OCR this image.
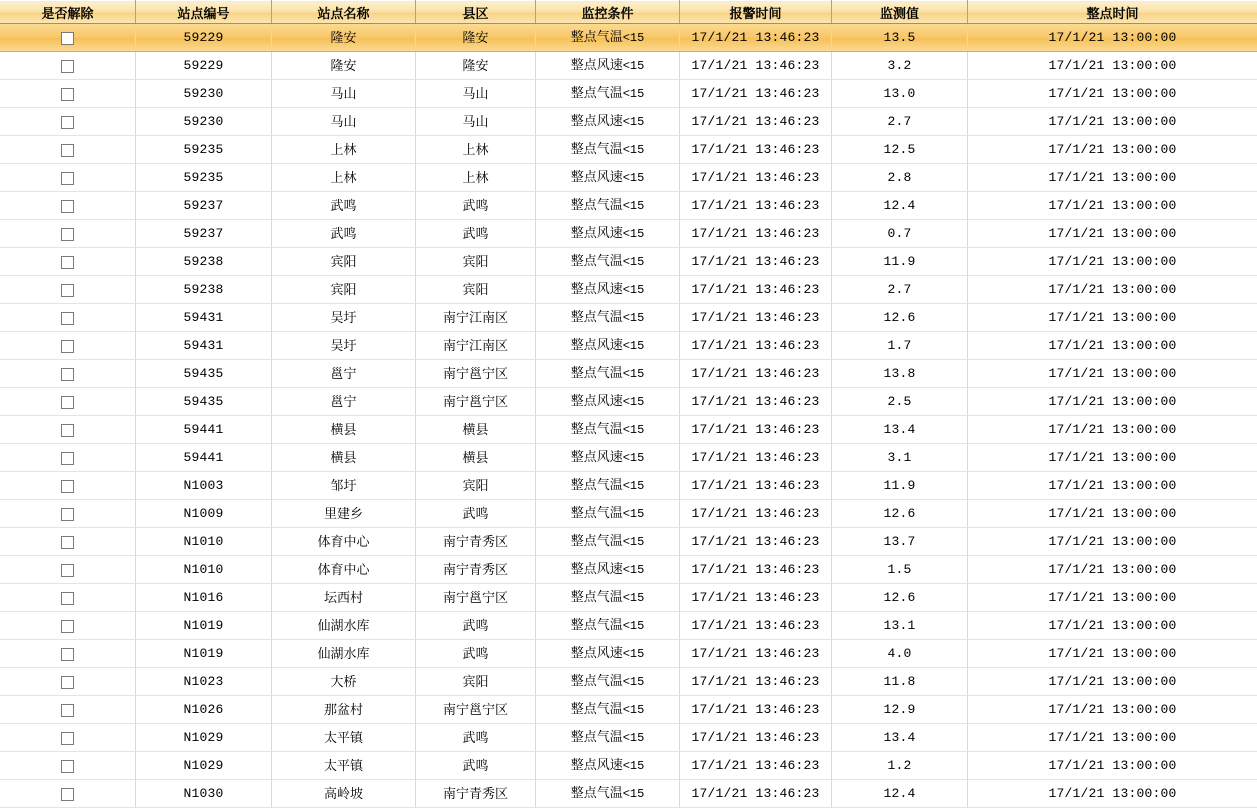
是否解除	站点编号	站点名称	县区	监控条件	报警时间	监测值	整点时间
	59229	隆安	隆安	整点气温<15	17/1/21 13:46:23	13.5	17/1/21 13:00:00
	59229	隆安	隆安	整点风速<15	17/1/21 13:46:23	3.2	17/1/21 13:00:00
	59230	马山	马山	整点气温<15	17/1/21 13:46:23	13.0	17/1/21 13:00:00
	59230	马山	马山	整点风速<15	17/1/21 13:46:23	2.7	17/1/21 13:00:00
	59235	上林	上林	整点气温<15	17/1/21 13:46:23	12.5	17/1/21 13:00:00
	59235	上林	上林	整点风速<15	17/1/21 13:46:23	2.8	17/1/21 13:00:00
	59237	武鸣	武鸣	整点气温<15	17/1/21 13:46:23	12.4	17/1/21 13:00:00
	59237	武鸣	武鸣	整点风速<15	17/1/21 13:46:23	0.7	17/1/21 13:00:00
	59238	宾阳	宾阳	整点气温<15	17/1/21 13:46:23	11.9	17/1/21 13:00:00
	59238	宾阳	宾阳	整点风速<15	17/1/21 13:46:23	2.7	17/1/21 13:00:00
	59431	吴圩	南宁江南区	整点气温<15	17/1/21 13:46:23	12.6	17/1/21 13:00:00
	59431	吴圩	南宁江南区	整点风速<15	17/1/21 13:46:23	1.7	17/1/21 13:00:00
	59435	邕宁	南宁邕宁区	整点气温<15	17/1/21 13:46:23	13.8	17/1/21 13:00:00
	59435	邕宁	南宁邕宁区	整点风速<15	17/1/21 13:46:23	2.5	17/1/21 13:00:00
	59441	横县	横县	整点气温<15	17/1/21 13:46:23	13.4	17/1/21 13:00:00
	59441	横县	横县	整点风速<15	17/1/21 13:46:23	3.1	17/1/21 13:00:00
	N1003	邹圩	宾阳	整点气温<15	17/1/21 13:46:23	11.9	17/1/21 13:00:00
	N1009	里建乡	武鸣	整点气温<15	17/1/21 13:46:23	12.6	17/1/21 13:00:00
	N1010	体育中心	南宁青秀区	整点气温<15	17/1/21 13:46:23	13.7	17/1/21 13:00:00
	N1010	体育中心	南宁青秀区	整点风速<15	17/1/21 13:46:23	1.5	17/1/21 13:00:00
	N1016	坛西村	南宁邕宁区	整点气温<15	17/1/21 13:46:23	12.6	17/1/21 13:00:00
	N1019	仙湖水库	武鸣	整点气温<15	17/1/21 13:46:23	13.1	17/1/21 13:00:00
	N1019	仙湖水库	武鸣	整点风速<15	17/1/21 13:46:23	4.0	17/1/21 13:00:00
	N1023	大桥	宾阳	整点气温<15	17/1/21 13:46:23	11.8	17/1/21 13:00:00
	N1026	那盆村	南宁邕宁区	整点气温<15	17/1/21 13:46:23	12.9	17/1/21 13:00:00
	N1029	太平镇	武鸣	整点气温<15	17/1/21 13:46:23	13.4	17/1/21 13:00:00
	N1029	太平镇	武鸣	整点风速<15	17/1/21 13:46:23	1.2	17/1/21 13:00:00
	N1030	高岭坡	南宁青秀区	整点气温<15	17/1/21 13:46:23	12.4	17/1/21 13:00:00
